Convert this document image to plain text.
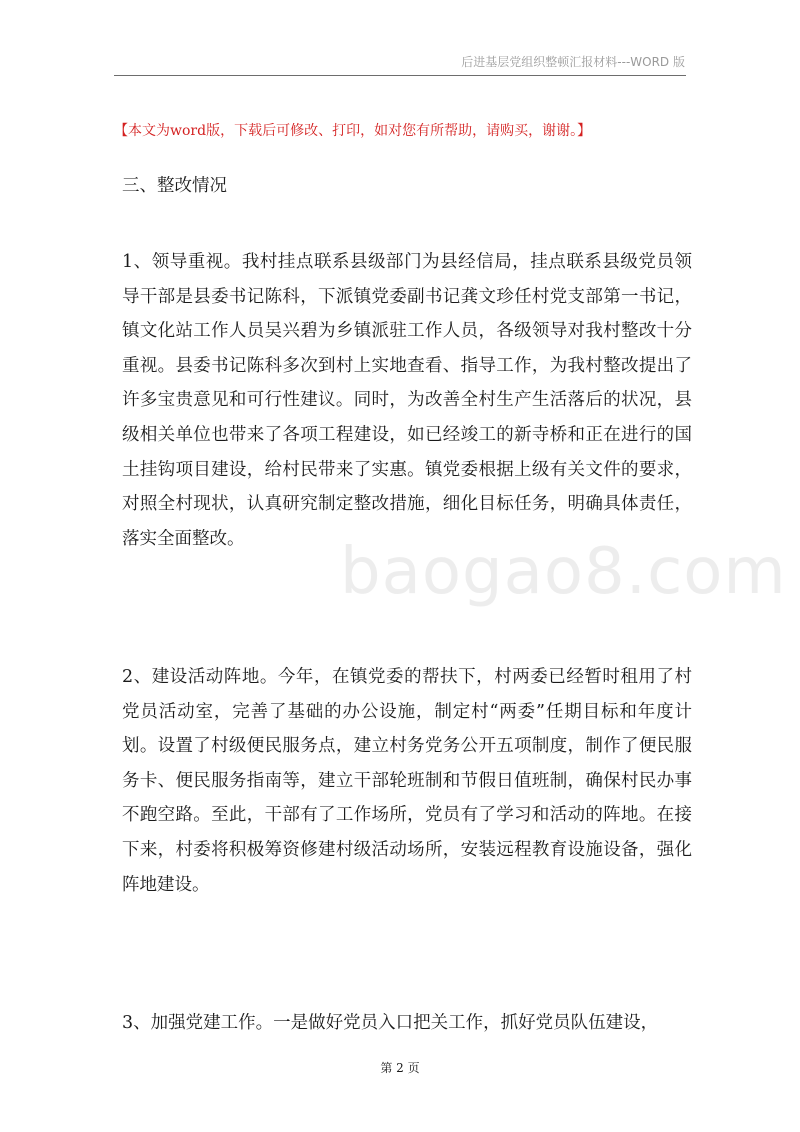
后进基层党组织整顿汇报材料---WORD 版
baogao8.com
【本文为word版，下载后可修改、打印，如对您有所帮助，请购买，谢谢。】
三、整改情况
1、领导重视。我村挂点联系县级部门为县经信局，挂点联系县级党员领导干部是县委书记陈科，下派镇党委副书记龚文珍任村党支部第一书记，镇文化站工作人员吴兴碧为乡镇派驻工作人员，各级领导对我村整改十分重视。县委书记陈科多次到村上实地查看、指导工作，为我村整改提出了许多宝贵意见和可行性建议。同时，为改善全村生产生活落后的状况，县级相关单位也带来了各项工程建设，如已经竣工的新寺桥和正在进行的国土挂钩项目建设，给村民带来了实惠。镇党委根据上级有关文件的要求，对照全村现状，认真研究制定整改措施，细化目标任务，明确具体责任，落实全面整改。
2、建设活动阵地。今年，在镇党委的帮扶下，村两委已经暂时租用了村党员活动室，完善了基础的办公设施，制定村“两委”任期目标和年度计划。设置了村级便民服务点，建立村务党务公开五项制度，制作了便民服务卡、便民服务指南等，建立干部轮班制和节假日值班制，确保村民办事不跑空路。至此，干部有了工作场所，党员有了学习和活动的阵地。在接下来，村委将积极筹资修建村级活动场所，安装远程教育设施设备，强化阵地建设。
3、加强党建工作。一是做好党员入口把关工作，抓好党员队伍建设，
第 2 页
